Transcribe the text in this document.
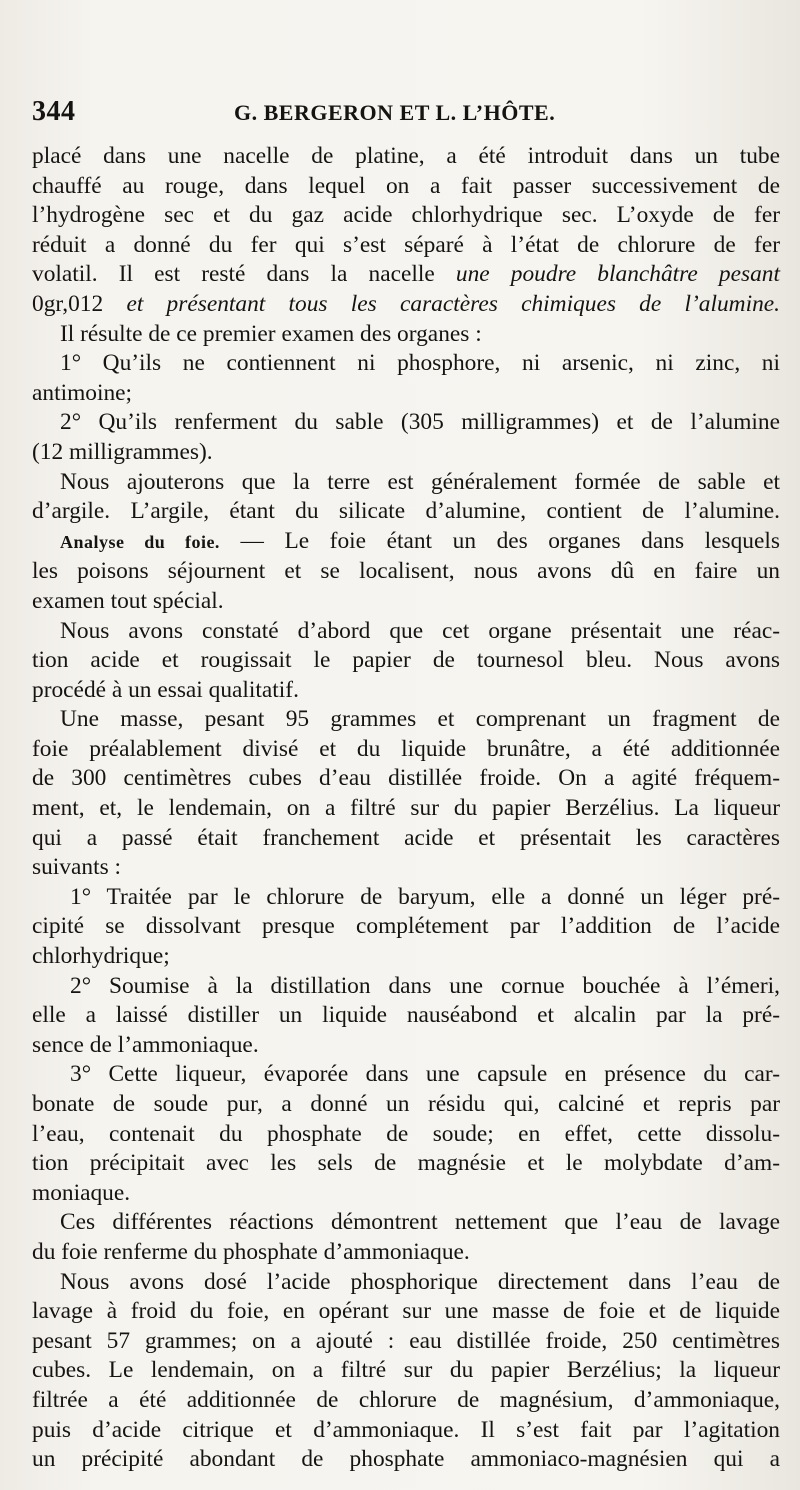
344	G. BERGERON ET L. L’HÔTE.
placé dans une nacelle de platine, a été introduit dans un tube
chauffé au rouge, dans lequel on a fait passer successivement de
l’hydrogène sec et du gaz acide chlorhydrique sec. L’oxyde de fer
réduit a donné du fer qui s’est séparé à l’état de chlorure de fer
volatil. Il est resté dans la nacelle une poudre blanchâtre pesant
0gr,012 et présentant tous les caractères chimiques de l’alumine.
Il résulte de ce premier examen des organes :
1° Qu’ils ne contiennent ni phosphore, ni arsenic, ni zinc, ni
antimoine;
2° Qu’ils renferment du sable (305 milligrammes) et de l’alumine
(12 milligrammes).
Nous ajouterons que la terre est généralement formée de sable et
d’argile. L’argile, étant du silicate d’alumine, contient de l’alumine.
Analyse du foie. — Le foie étant un des organes dans lesquels
les poisons séjournent et se localisent, nous avons dû en faire un
examen tout spécial.
Nous avons constaté d’abord que cet organe présentait une réac-
tion acide et rougissait le papier de tournesol bleu. Nous avons
procédé à un essai qualitatif.
Une masse, pesant 95 grammes et comprenant un fragment de
foie préalablement divisé et du liquide brunâtre, a été additionnée
de 300 centimètres cubes d’eau distillée froide. On a agité fréquem-
ment, et, le lendemain, on a filtré sur du papier Berzélius. La liqueur
qui a passé était franchement acide et présentait les caractères
suivants :
1° Traitée par le chlorure de baryum, elle a donné un léger pré-
cipité se dissolvant presque complétement par l’addition de l’acide
chlorhydrique;
2° Soumise à la distillation dans une cornue bouchée à l’émeri,
elle a laissé distiller un liquide nauséabond et alcalin par la pré-
sence de l’ammoniaque.
3° Cette liqueur, évaporée dans une capsule en présence du car-
bonate de soude pur, a donné un résidu qui, calciné et repris par
l’eau, contenait du phosphate de soude; en effet, cette dissolu-
tion précipitait avec les sels de magnésie et le molybdate d’am-
moniaque.
Ces différentes réactions démontrent nettement que l’eau de lavage
du foie renferme du phosphate d’ammoniaque.
Nous avons dosé l’acide phosphorique directement dans l’eau de
lavage à froid du foie, en opérant sur une masse de foie et de liquide
pesant 57 grammes; on a ajouté : eau distillée froide, 250 centimètres
cubes. Le lendemain, on a filtré sur du papier Berzélius; la liqueur
filtrée a été additionnée de chlorure de magnésium, d’ammoniaque,
puis d’acide citrique et d’ammoniaque. Il s’est fait par l’agitation
un précipité abondant de phosphate ammoniaco-magnésien qui a
